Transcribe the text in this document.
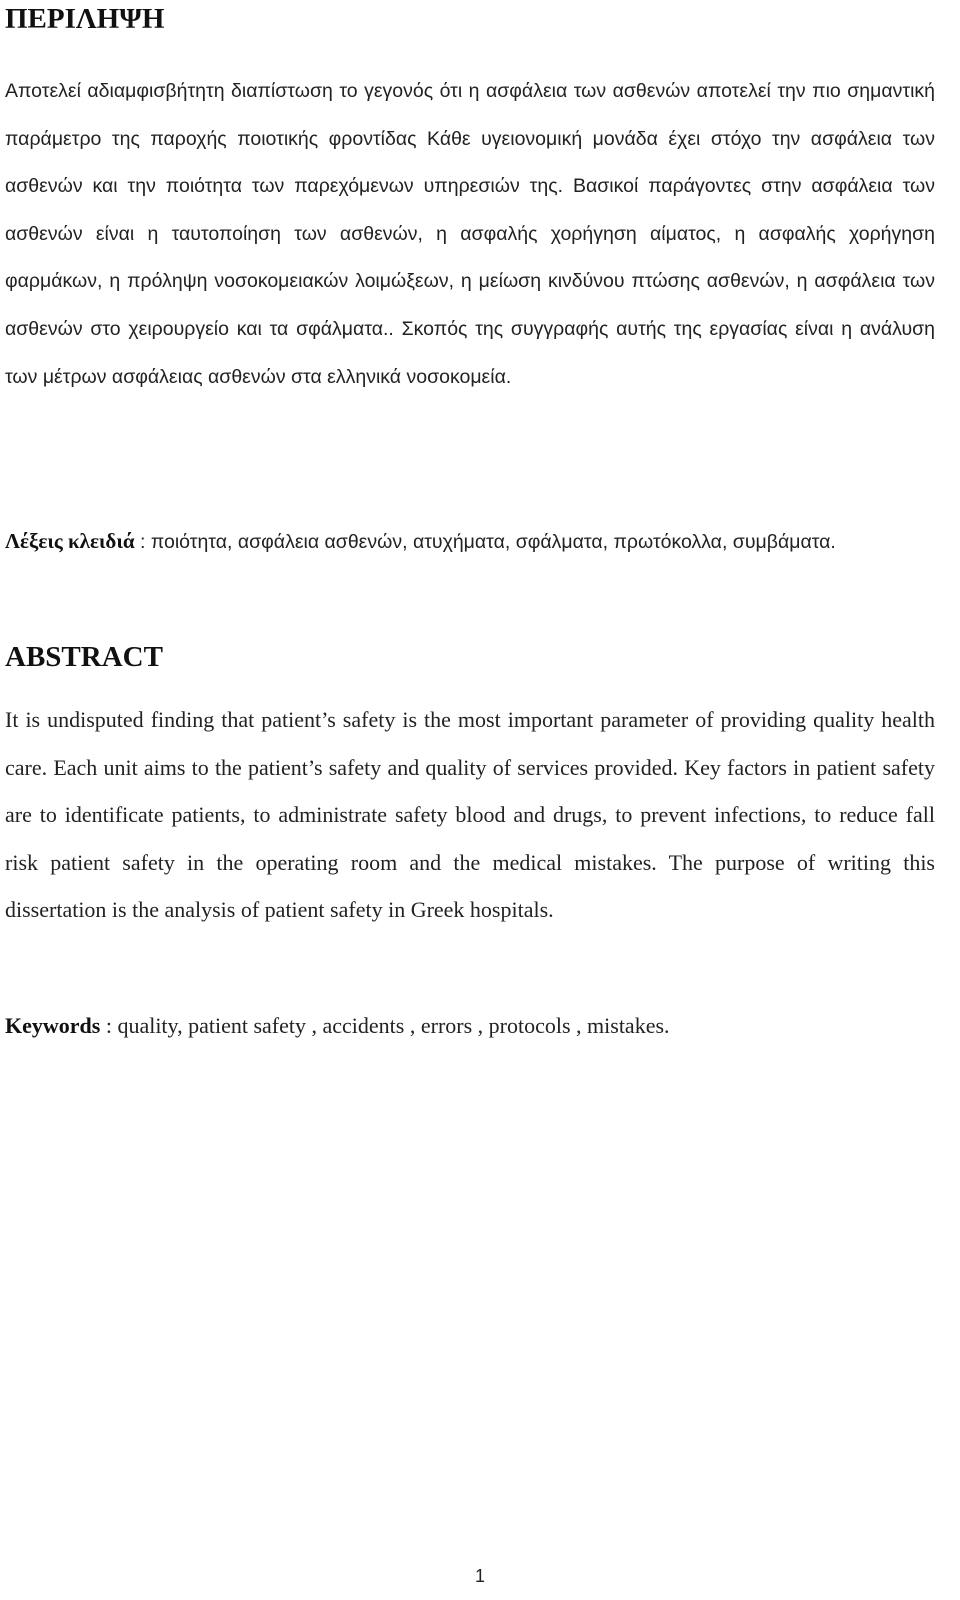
ΠΕΡΙΛΗΨΗ

Αποτελεί αδιαμφισβήτητη διαπίστωση το γεγονός ότι η ασφάλεια των ασθενών αποτελεί την πιο σημαντική παράμετρο της παροχής ποιοτικής φροντίδας Κάθε υγειονομική μονάδα έχει στόχο την ασφάλεια των ασθενών και την ποιότητα των παρεχόμενων υπηρεσιών της. Βασικοί παράγοντες στην ασφάλεια των ασθενών είναι η ταυτοποίηση των ασθενών, η ασφαλής χορήγηση αίματος, η ασφαλής χορήγηση φαρμάκων, η πρόληψη νοσοκομειακών λοιμώξεων, η μείωση κινδύνου πτώσης ασθενών, η ασφάλεια των ασθενών στο χειρουργείο και τα σφάλματα.. Σκοπός της συγγραφής αυτής της εργασίας είναι η ανάλυση των μέτρων ασφάλειας ασθενών στα ελληνικά νοσοκομεία.

Λέξεις κλειδιά : ποιότητα, ασφάλεια ασθενών, ατυχήματα, σφάλματα, πρωτόκολλα, συμβάματα.

ABSTRACT

It is undisputed finding that patient’s safety is the most important parameter of providing quality health care. Each unit aims to the patient’s safety and quality of services provided. Key factors in patient safety are to identificate patients, to administrate safety blood and drugs, to prevent infections, to reduce fall risk patient safety in the operating room and the medical mistakes. The purpose of writing this dissertation is the analysis of patient safety in Greek hospitals.

Keywords : quality, patient safety , accidents , errors , protocols , mistakes.

1
